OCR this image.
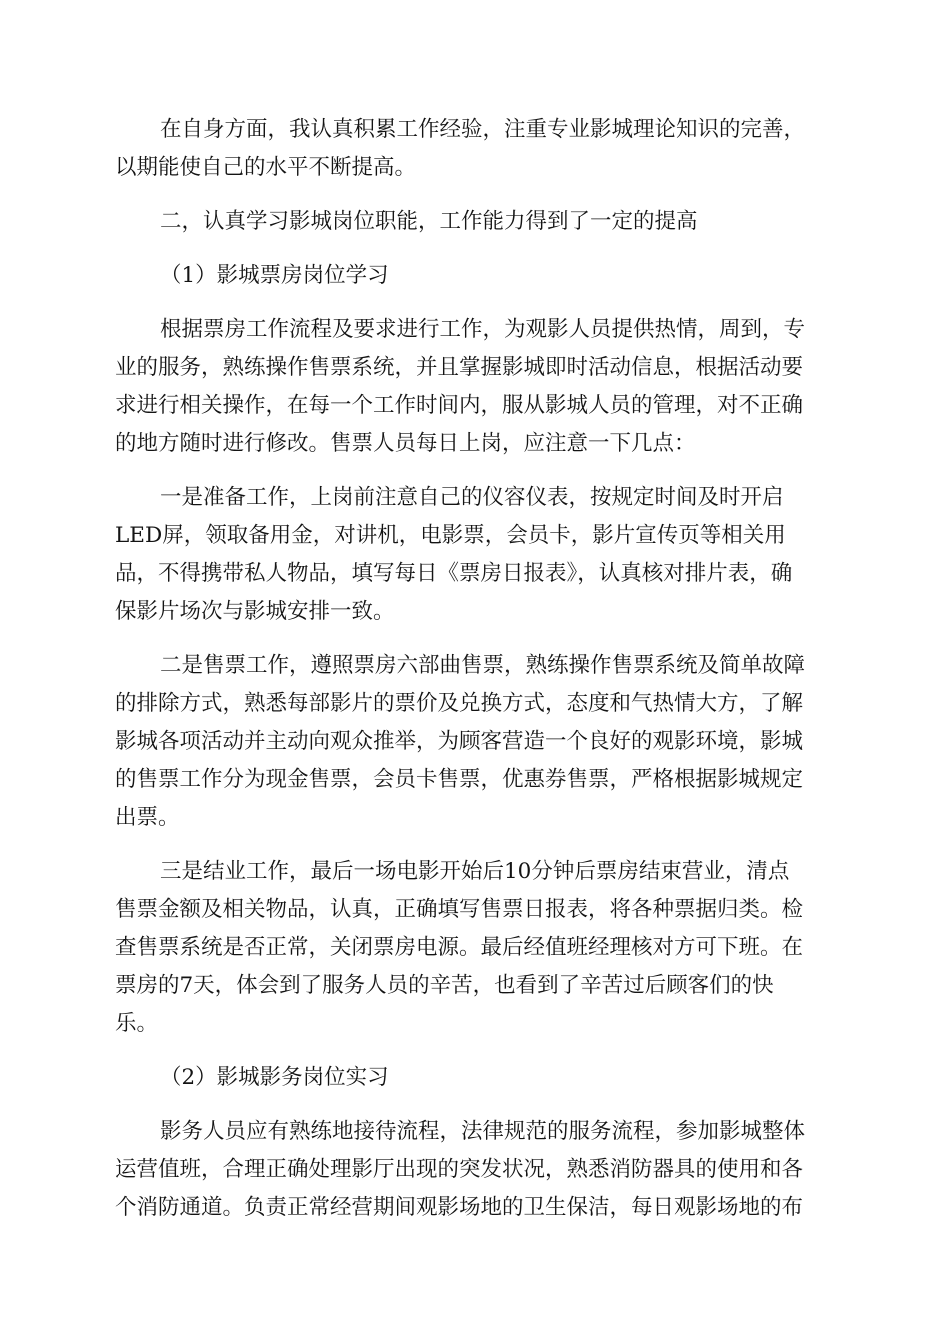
在自身方面，我认真积累工作经验，注重专业影城理论知识的完善，

以期能使自己的水平不断提高。

二，认真学习影城岗位职能，工作能力得到了一定的提高

（1）影城票房岗位学习

根据票房工作流程及要求进行工作，为观影人员提供热情，周到，专

业的服务，熟练操作售票系统，并且掌握影城即时活动信息，根据活动要

求进行相关操作，在每一个工作时间内，服从影城人员的管理，对不正确

的地方随时进行修改。售票人员每日上岗，应注意一下几点：

一是准备工作，上岗前注意自己的仪容仪表，按规定时间及时开启

LED屏，领取备用金，对讲机，电影票，会员卡，影片宣传页等相关用

品，不得携带私人物品，填写每日《票房日报表》，认真核对排片表，确

保影片场次与影城安排一致。

二是售票工作，遵照票房六部曲售票，熟练操作售票系统及简单故障

的排除方式，熟悉每部影片的票价及兑换方式，态度和气热情大方，了解

影城各项活动并主动向观众推举，为顾客营造一个良好的观影环境，影城

的售票工作分为现金售票，会员卡售票，优惠券售票，严格根据影城规定

出票。

三是结业工作，最后一场电影开始后10分钟后票房结束营业，清点

售票金额及相关物品，认真，正确填写售票日报表，将各种票据归类。检

查售票系统是否正常，关闭票房电源。最后经值班经理核对方可下班。在

票房的7天，体会到了服务人员的辛苦，也看到了辛苦过后顾客们的快

乐。

（2）影城影务岗位实习

影务人员应有熟练地接待流程，法律规范的服务流程，参加影城整体

运营值班，合理正确处理影厅出现的突发状况，熟悉消防器具的使用和各

个消防通道。负责正常经营期间观影场地的卫生保洁，每日观影场地的布
